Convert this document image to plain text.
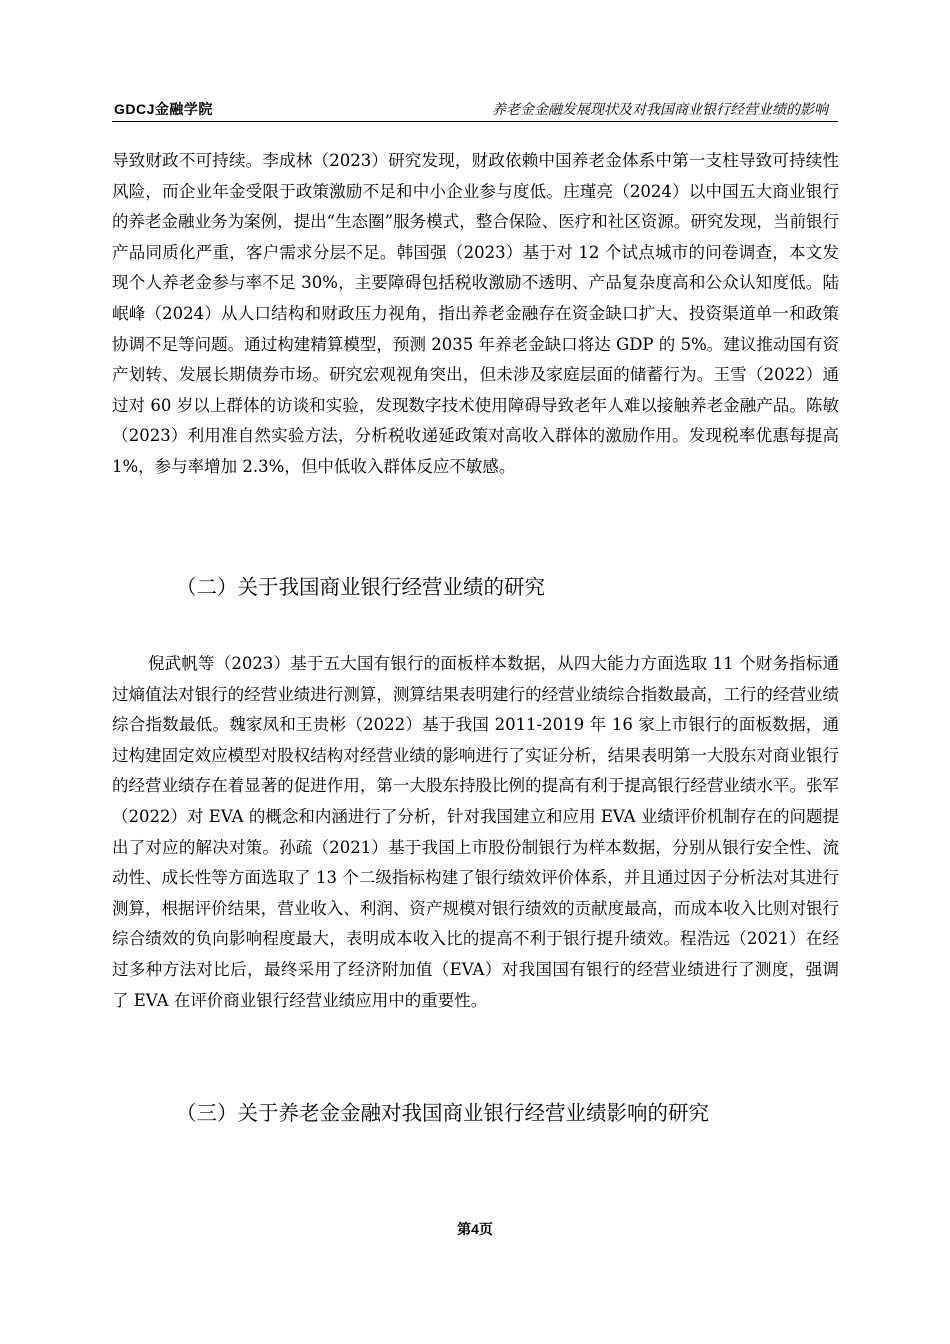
GDCJ金融学院	养老金金融发展现状及对我国商业银行经营业绩的影响

导致财政不可持续。李成林（2023）研究发现，财政依赖中国养老金体系中第一支柱导致可持续性风险，而企业年金受限于政策激励不足和中小企业参与度低。庄瑾亮（2024）以中国五大商业银行的养老金融业务为案例，提出“生态圈”服务模式，整合保险、医疗和社区资源。研究发现，当前银行产品同质化严重，客户需求分层不足。韩国强（2023）基于对 12 个试点城市的问卷调查，本文发现个人养老金参与率不足 30%，主要障碍包括税收激励不透明、产品复杂度高和公众认知度低。陆岷峰（2024）从人口结构和财政压力视角，指出养老金融存在资金缺口扩大、投资渠道单一和政策协调不足等问题。通过构建精算模型，预测 2035 年养老金缺口将达 GDP 的 5%。建议推动国有资产划转、发展长期债券市场。研究宏观视角突出，但未涉及家庭层面的储蓄行为。王雪（2022）通过对 60 岁以上群体的访谈和实验，发现数字技术使用障碍导致老年人难以接触养老金融产品。陈敏（2023）利用准自然实验方法，分析税收递延政策对高收入群体的激励作用。发现税率优惠每提高 1%，参与率增加 2.3%，但中低收入群体反应不敏感。

（二）关于我国商业银行经营业绩的研究

倪武帆等（2023）基于五大国有银行的面板样本数据，从四大能力方面选取 11 个财务指标通过熵值法对银行的经营业绩进行测算，测算结果表明建行的经营业绩综合指数最高，工行的经营业绩综合指数最低。魏家凤和王贵彬（2022）基于我国 2011-2019 年 16 家上市银行的面板数据，通过构建固定效应模型对股权结构对经营业绩的影响进行了实证分析，结果表明第一大股东对商业银行的经营业绩存在着显著的促进作用，第一大股东持股比例的提高有利于提高银行经营业绩水平。张军（2022）对 EVA 的概念和内涵进行了分析，针对我国建立和应用 EVA 业绩评价机制存在的问题提出了对应的解决对策。孙疏（2021）基于我国上市股份制银行为样本数据，分别从银行安全性、流动性、成长性等方面选取了 13 个二级指标构建了银行绩效评价体系，并且通过因子分析法对其进行测算，根据评价结果，营业收入、利润、资产规模对银行绩效的贡献度最高，而成本收入比则对银行综合绩效的负向影响程度最大，表明成本收入比的提高不利于银行提升绩效。程浩远（2021）在经过多种方法对比后，最终采用了经济附加值（EVA）对我国国有银行的经营业绩进行了测度，强调了 EVA 在评价商业银行经营业绩应用中的重要性。

（三）关于养老金金融对我国商业银行经营业绩影响的研究
第4页
